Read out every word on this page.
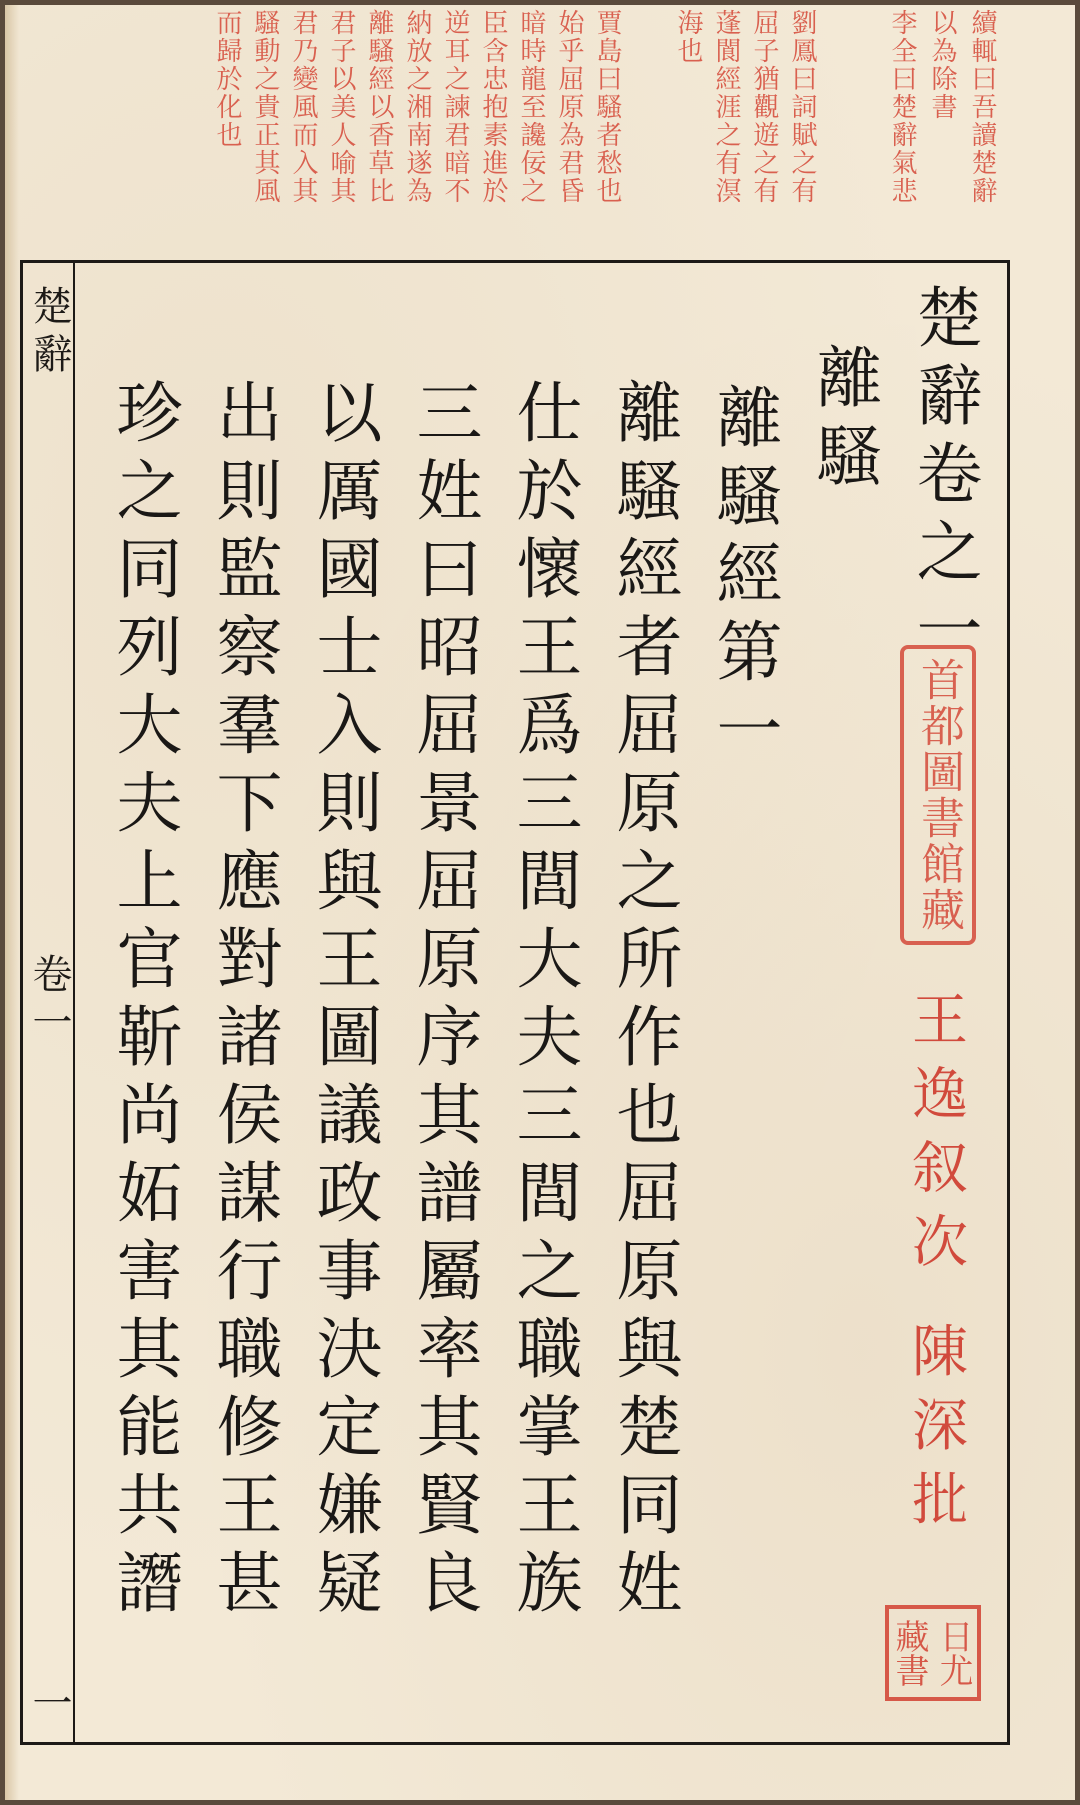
續輒曰吾讀楚辭
以為除書
李全曰楚辭氣悲
劉鳳曰詞賦之有
屈子猶觀遊之有
蓬閬經涯之有溟
海也
賈島曰騷者愁也
始乎屈原為君昏
暗時龍至讒佞之
臣含忠抱素進於
逆耳之諫君暗不
納放之湘南遂為
離騷經以香草比
君子以美人喻其
君乃變風而入其
騷動之貴正其風
而歸於化也
楚辭
卷一
一
楚辭卷之一
離騷
離騷經第一
離騷經者屈原之所作也屈原與楚同姓
仕於懷王爲三閭大夫三閭之職掌王族
三姓曰昭屈景屈原序其譜屬率其賢良
以厲國士入則與王圖議政事決定嫌疑
出則監察羣下應對諸侯謀行職修王甚
珍之同列大夫上官靳尚妬害其能共譖	首都圖書館藏
王逸叙次 陳深批
日尤藏書
